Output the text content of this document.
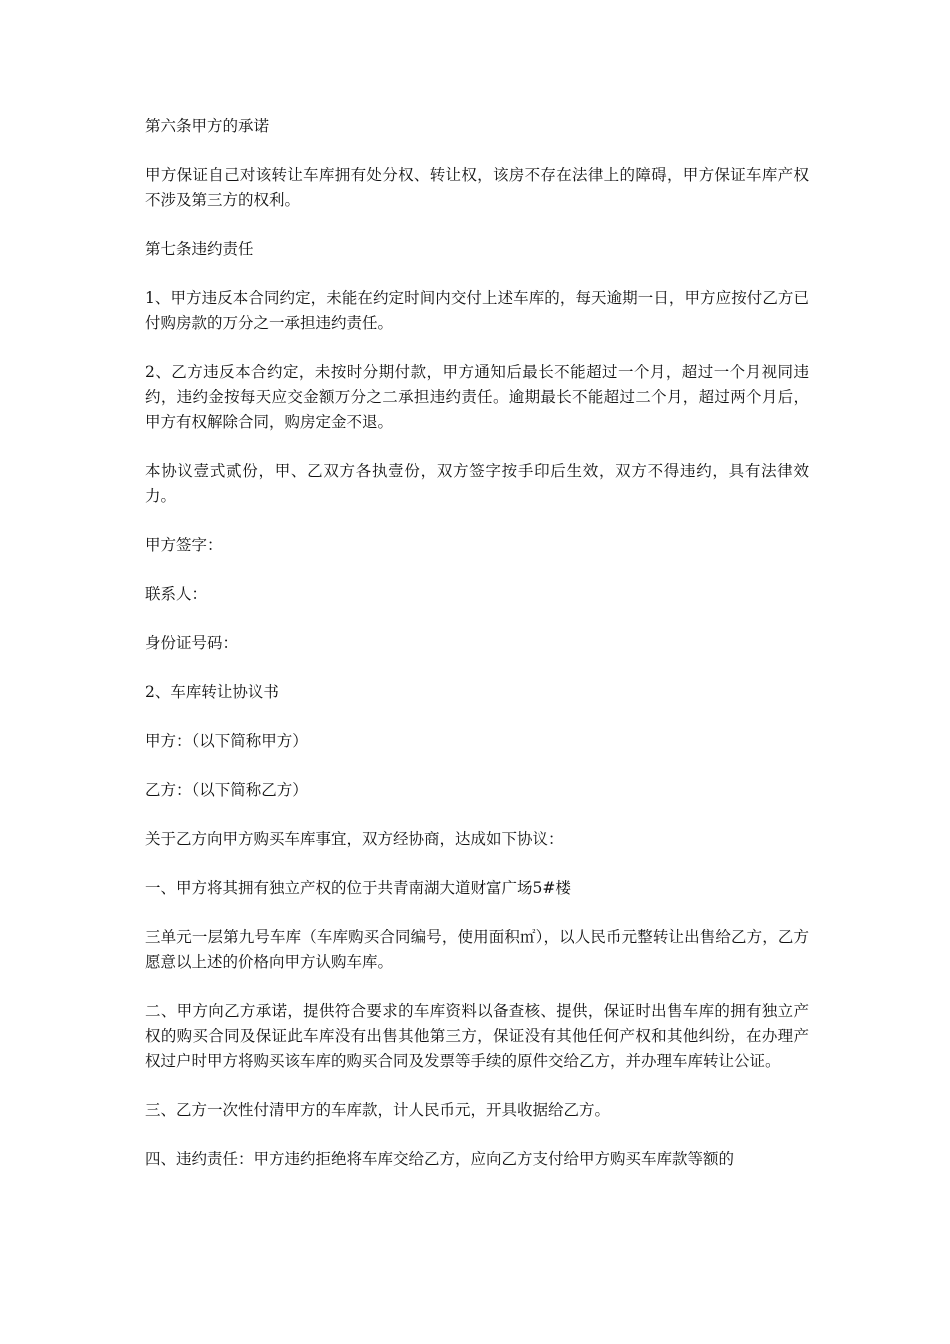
第六条甲方的承诺

甲方保证自己对该转让车库拥有处分权、转让权，该房不存在法律上的障碍，甲方保证车库产权不涉及第三方的权利。

第七条违约责任

1、甲方违反本合同约定，未能在约定时间内交付上述车库的，每天逾期一日，甲方应按付乙方已付购房款的万分之一承担违约责任。

2、乙方违反本合约定，未按时分期付款，甲方通知后最长不能超过一个月，超过一个月视同违约，违约金按每天应交金额万分之二承担违约责任。逾期最长不能超过二个月，超过两个月后，甲方有权解除合同，购房定金不退。

本协议壹式贰份，甲、乙双方各执壹份，双方签字按手印后生效，双方不得违约，具有法律效力。

甲方签字：

联系人：

身份证号码：

2、车库转让协议书

甲方：（以下简称甲方）

乙方：（以下简称乙方）

关于乙方向甲方购买车库事宜，双方经协商，达成如下协议：

一、甲方将其拥有独立产权的位于共青南湖大道财富广场5#楼

三单元一层第九号车库（车库购买合同编号，使用面积㎡），以人民币元整转让出售给乙方，乙方愿意以上述的价格向甲方认购车库。

二、甲方向乙方承诺，提供符合要求的车库资料以备查核、提供，保证时出售车库的拥有独立产权的购买合同及保证此车库没有出售其他第三方，保证没有其他任何产权和其他纠纷，在办理产权过户时甲方将购买该车库的购买合同及发票等手续的原件交给乙方，并办理车库转让公证。

三、乙方一次性付清甲方的车库款，计人民币元，开具收据给乙方。

四、违约责任：甲方违约拒绝将车库交给乙方，应向乙方支付给甲方购买车库款等额的
